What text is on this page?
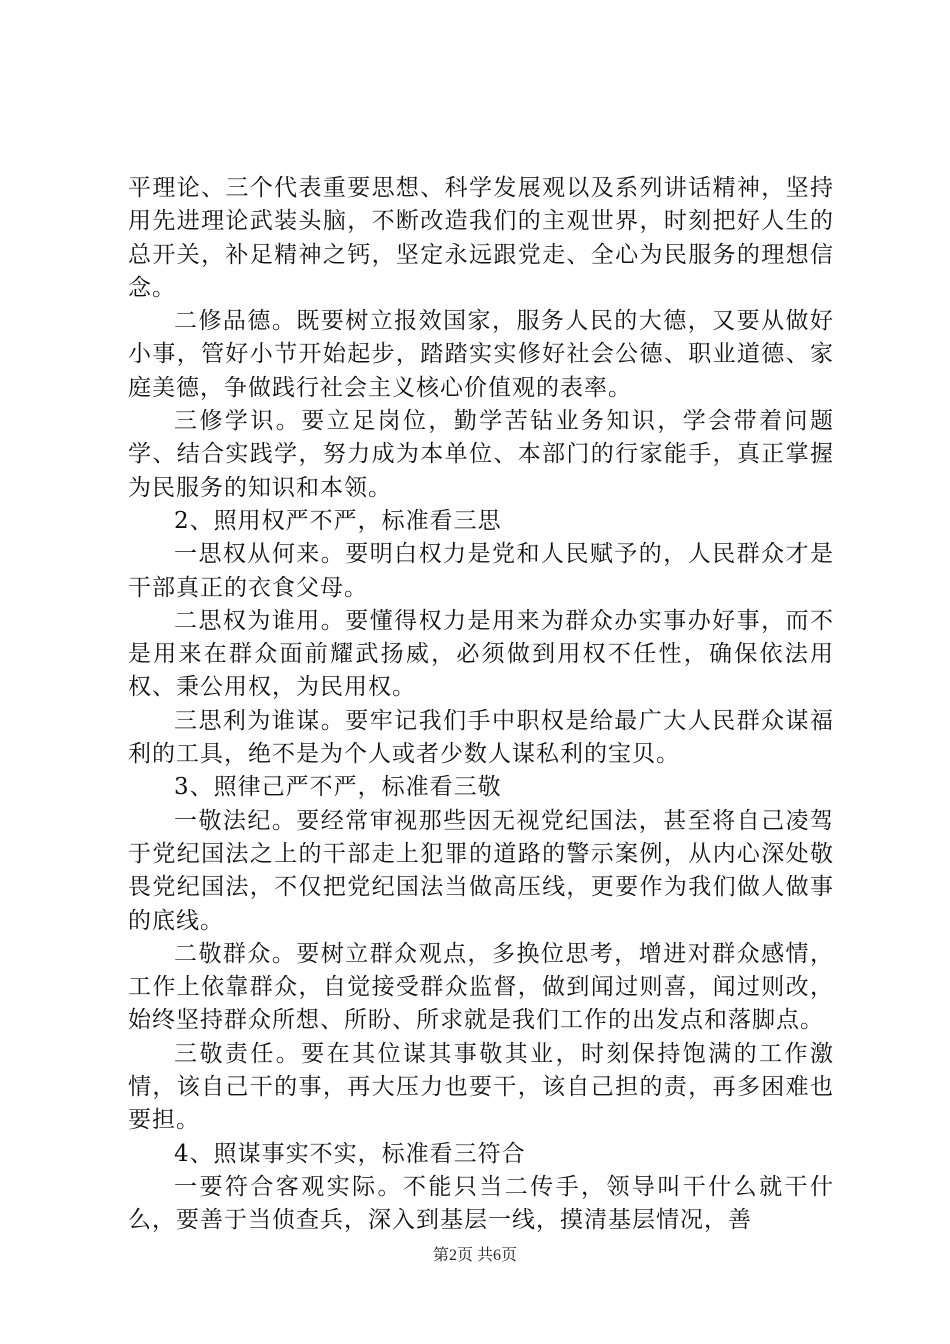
平理论、三个代表重要思想、科学发展观以及系列讲话精神，坚持用先进理论武装头脑，不断改造我们的主观世界，时刻把好人生的总开关，补足精神之钙，坚定永远跟党走、全心为民服务的理想信念。

二修品德。既要树立报效国家，服务人民的大德，又要从做好小事，管好小节开始起步，踏踏实实修好社会公德、职业道德、家庭美德，争做践行社会主义核心价值观的表率。

三修学识。要立足岗位，勤学苦钻业务知识，学会带着问题学、结合实践学，努力成为本单位、本部门的行家能手，真正掌握为民服务的知识和本领。

2、照用权严不严，标准看三思

一思权从何来。要明白权力是党和人民赋予的，人民群众才是干部真正的衣食父母。

二思权为谁用。要懂得权力是用来为群众办实事办好事，而不是用来在群众面前耀武扬威，必须做到用权不任性，确保依法用权、秉公用权，为民用权。

三思利为谁谋。要牢记我们手中职权是给最广大人民群众谋福利的工具，绝不是为个人或者少数人谋私利的宝贝。

3、照律己严不严，标准看三敬

一敬法纪。要经常审视那些因无视党纪国法，甚至将自己凌驾于党纪国法之上的干部走上犯罪的道路的警示案例，从内心深处敬畏党纪国法，不仅把党纪国法当做高压线，更要作为我们做人做事的底线。

二敬群众。要树立群众观点，多换位思考，增进对群众感情，工作上依靠群众，自觉接受群众监督，做到闻过则喜，闻过则改，始终坚持群众所想、所盼、所求就是我们工作的出发点和落脚点。

三敬责任。要在其位谋其事敬其业，时刻保持饱满的工作激情，该自己干的事，再大压力也要干，该自己担的责，再多困难也要担。

4、照谋事实不实，标准看三符合

一要符合客观实际。不能只当二传手，领导叫干什么就干什么，要善于当侦查兵，深入到基层一线，摸清基层情况，善

第2页 共6页
